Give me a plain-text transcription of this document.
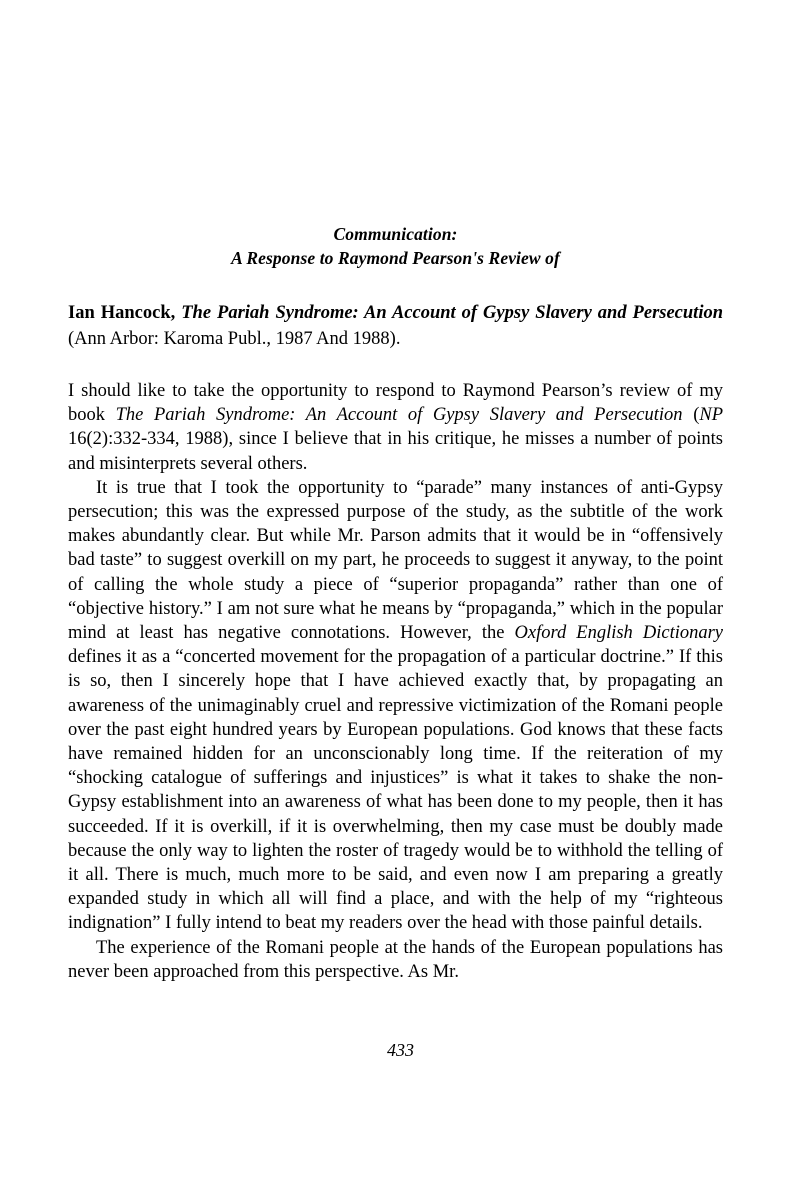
Communication:
A Response to Raymond Pearson's Review of
Ian Hancock, The Pariah Syndrome: An Account of Gypsy Slavery and Persecution (Ann Arbor: Karoma Publ., 1987 And 1988).

I should like to take the opportunity to respond to Raymond Pearson’s review of my book The Pariah Syndrome: An Account of Gypsy Slavery and Persecution (NP 16(2):332-334, 1988), since I believe that in his critique, he misses a number of points and misinterprets several others.

It is true that I took the opportunity to “parade” many instances of anti-Gypsy persecution; this was the expressed purpose of the study, as the subtitle of the work makes abundantly clear. But while Mr. Parson admits that it would be in “offensively bad taste” to suggest overkill on my part, he proceeds to suggest it anyway, to the point of calling the whole study a piece of “superior propaganda” rather than one of “objective history.” I am not sure what he means by “propaganda,” which in the popular mind at least has negative connotations. However, the Oxford English Dictionary defines it as a “concerted movement for the propagation of a particular doctrine.” If this is so, then I sincerely hope that I have achieved exactly that, by propagating an awareness of the unimaginably cruel and repressive victimization of the Romani people over the past eight hundred years by European populations. God knows that these facts have remained hidden for an unconscionably long time. If the reiteration of my “shocking catalogue of sufferings and injustices” is what it takes to shake the non-Gypsy establishment into an awareness of what has been done to my people, then it has succeeded. If it is overkill, if it is overwhelming, then my case must be doubly made because the only way to lighten the roster of tragedy would be to withhold the telling of it all. There is much, much more to be said, and even now I am preparing a greatly expanded study in which all will find a place, and with the help of my “righteous indignation” I fully intend to beat my readers over the head with those painful details.

The experience of the Romani people at the hands of the European populations has never been approached from this perspective. As Mr.

433
